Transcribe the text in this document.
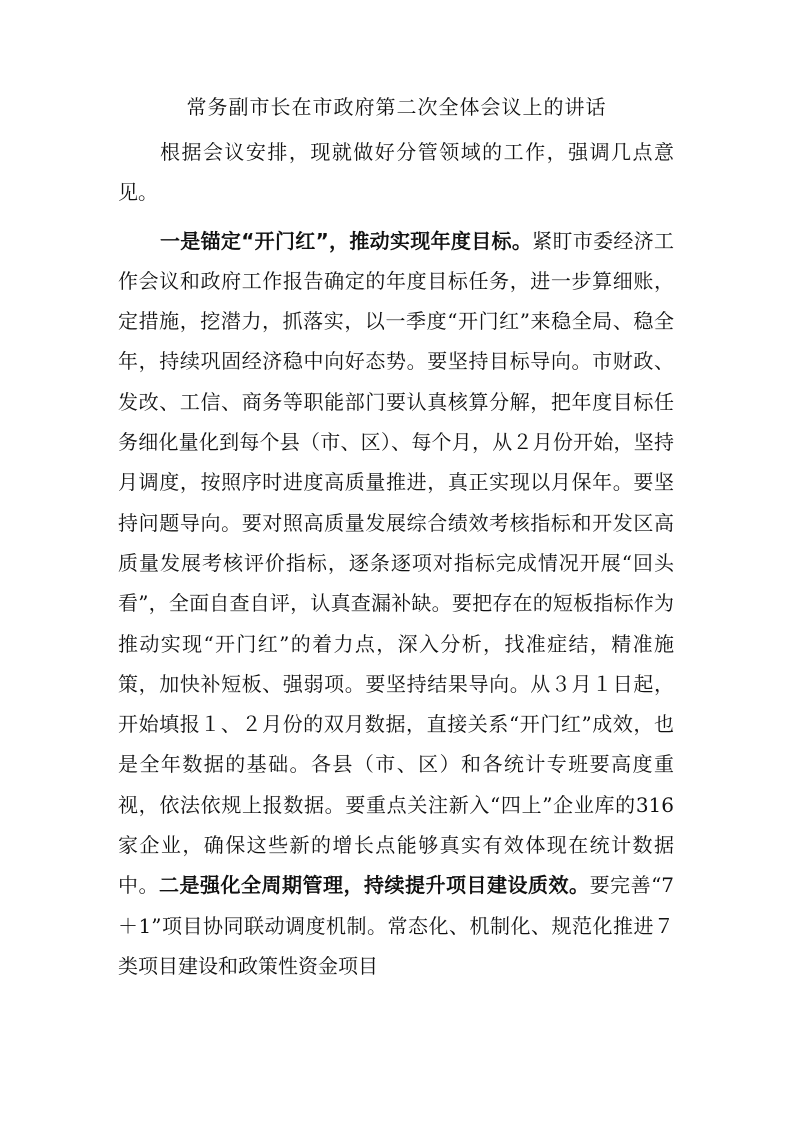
常务副市长在市政府第二次全体会议上的讲话

根据会议安排，现就做好分管领域的工作，强调几点意见。

一是锚定“开门红”，推动实现年度目标。紧盯市委经济工作会议和政府工作报告确定的年度目标任务，进一步算细账，定措施，挖潜力，抓落实，以一季度“开门红”来稳全局、稳全年，持续巩固经济稳中向好态势。要坚持目标导向。市财政、发改、工信、商务等职能部门要认真核算分解，把年度目标任务细化量化到每个县（市、区）、每个月，从２月份开始，坚持月调度，按照序时进度高质量推进，真正实现以月保年。要坚持问题导向。要对照高质量发展综合绩效考核指标和开发区高质量发展考核评价指标，逐条逐项对指标完成情况开展“回头看”，全面自查自评，认真查漏补缺。要把存在的短板指标作为推动实现“开门红”的着力点，深入分析，找准症结，精准施策，加快补短板、强弱项。要坚持结果导向。从３月１日起，开始填报１、２月份的双月数据，直接关系“开门红”成效，也是全年数据的基础。各县（市、区）和各统计专班要高度重视，依法依规上报数据。要重点关注新入“四上”企业库的316家企业，确保这些新的增长点能够真实有效体现在统计数据中。二是强化全周期管理，持续提升项目建设质效。要完善“7＋1”项目协同联动调度机制。常态化、机制化、规范化推进７类项目建设和政策性资金项目
